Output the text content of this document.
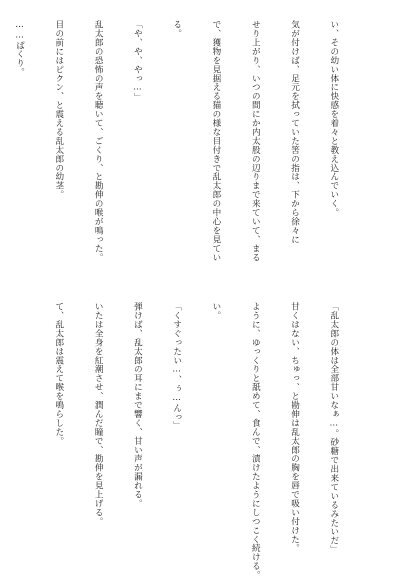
い、その幼い体に快感を着々と教え込んでいく。

気が付けば、足元を拭っていた筈の指は、下から徐々に

せり上がり、いつの間にか内太股の辺りまで来ていて、まる

で、獲物を見据える猫の様な目付きで乱太郎の中心を見てい

る。

「や、や、やっ…」

乱太郎の恐怖の声を聴いて、ごくり、と勘伸の喉が鳴った。

目の前にはピクン、と震える乱太郎の幼茎。

……ぱくり。

「乱太郎の体は全部甘いなぁ…。砂糖で出来ているみたいだ」

甘くはない、ちゅっ、と勘伸は乱太郎の胸を唇で吸い付けた。

ように、ゆっくりと舐めて、食んで、漬けたようにしつこく続ける。

い。

「くすぐったい…、ぅ…んっ」

弾けば、乱太郎の耳にまで響く、甘い声が漏れる。

いたは全身を紅潮させ、潤んだ瞳で、勘伸を見上げる。

て、乱太郎は震えて喉を鳴らした。
